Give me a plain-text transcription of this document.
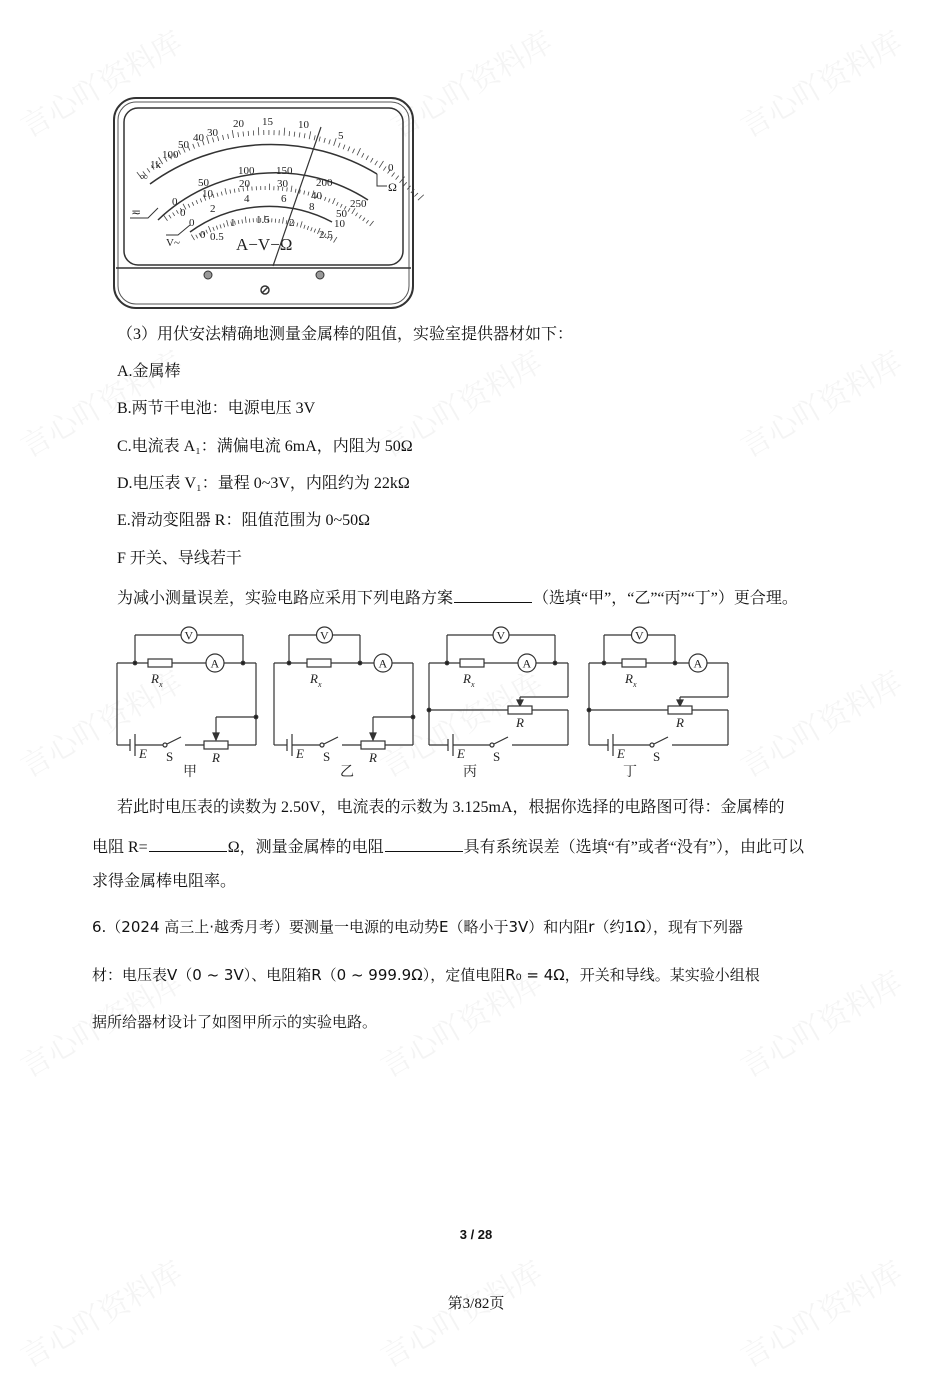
≂
V~
Ω
∞
1k
100
50
40 30
20 15 10
5
0
0
50
100 150
200
250
0
10
20 30
40
50
0
2
4	6
8
10
0 0.5
1 1.5 2
2.5
A−V−Ω
（3）用伏安法精确地测量金属棒的阻值，实验室提供器材如下：
A.金属棒
B.两节干电池：电源电压 3V
C.电流表 A₁：满偏电流 6mA，内阻为 50Ω
D.电压表 V₁：量程 0~3V，内阻约为 22kΩ
E.滑动变阻器 R：阻值范围为 0~50Ω
F 开关、导线若干
为减小测量误差，实验电路应采用下列电路方案	（选填“甲”，“乙”“丙”“丁”）更合理。
V
A
$R_x$
R
E S
甲
V
A
$R_x$
R
E S
乙
V
A
$R_x$
R
E S
丙
V
A
$R_x$
R
E S
丁
若此时电压表的读数为 2.50V，电流表的示数为 3.125mA，根据你选择的电路图可得：金属棒的
电阻 R=	Ω，测量金属棒的电阻	具有系统误差（选填“有”或者“没有”），由此可以
求得金属棒电阻率。
6.（2024 高三上·越秀月考）要测量一电源的电动势E（略小于3V）和内阻r（约1Ω），现有下列器
材：电压表V（0 ~ 3V）、电阻箱R（0 ~ 999.9Ω），定值电阻R₀ = 4Ω，开关和导线。某实验小组根
据所给器材设计了如图甲所示的实验电路。
3 / 28
第3/82页
